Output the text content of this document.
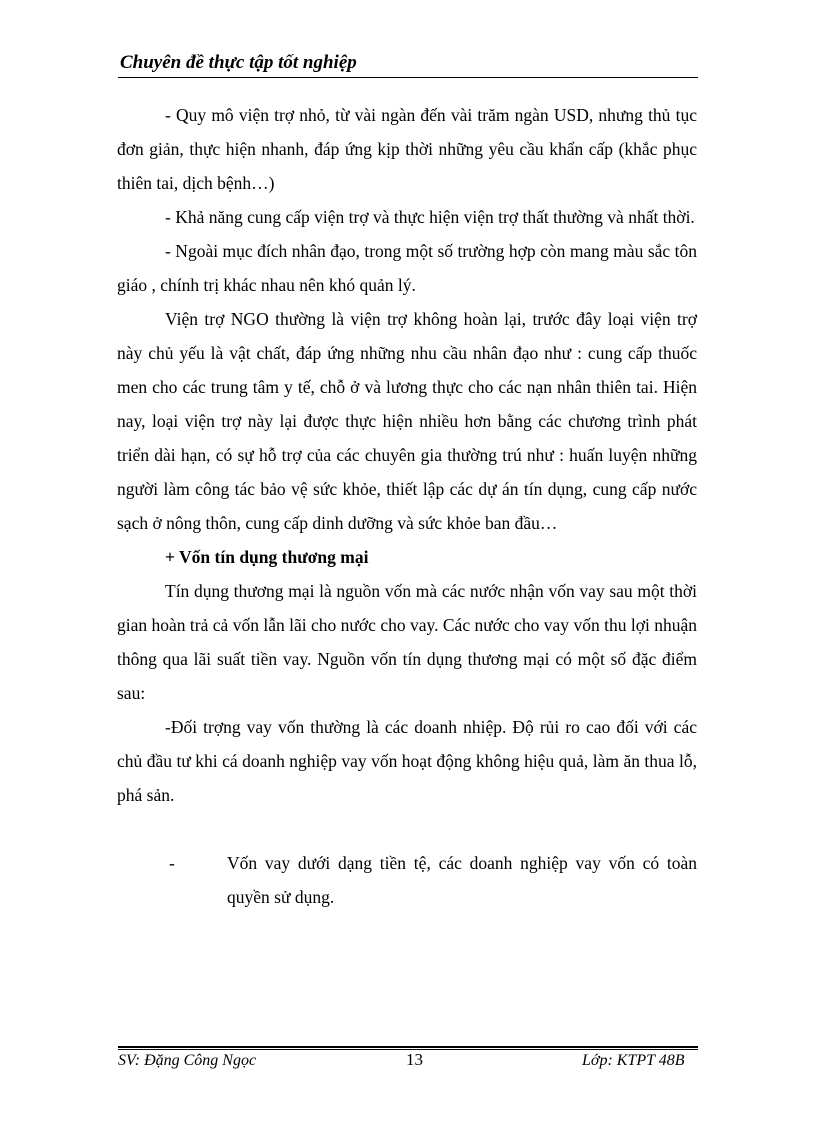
Chuyên đề thực tập tốt nghiệp

- Quy mô viện trợ nhỏ, từ vài ngàn đến vài trăm ngàn USD, nhưng thủ tục đơn giản, thực hiện nhanh, đáp ứng kịp thời những yêu cầu khẩn cấp (khắc phục thiên tai, dịch bệnh…)

- Khả năng cung cấp viện trợ và thực hiện viện trợ thất thường và nhất thời.

- Ngoài mục đích nhân đạo, trong một số trường hợp còn mang màu sắc tôn giáo , chính trị khác nhau nên khó quản lý.

Viện trợ NGO thường là viện trợ không hoàn lại, trước đây loại viện trợ này chủ yếu là vật chất, đáp ứng những nhu cầu nhân đạo như : cung cấp thuốc men cho các trung tâm y tế, chỗ ở và lương thực cho các nạn nhân thiên tai. Hiện nay, loại viện trợ này lại được thực hiện nhiều hơn bằng các chương trình phát triển dài hạn, có sự hỗ trợ của các chuyên gia thường trú như : huấn luyện những người làm công tác bảo vệ sức khỏe, thiết lập các dự án tín dụng, cung cấp nước sạch ở nông thôn, cung cấp dinh dưỡng và sức khỏe ban đầu…

+ Vốn tín dụng thương mại

Tín dụng thương mại là nguồn vốn mà các nước nhận vốn vay sau một thời gian hoàn trả cả vốn lẫn lãi cho nước cho vay. Các nước cho vay vốn thu lợi nhuận thông qua lãi suất tiền vay. Nguồn vốn tín dụng thương mại có một số đặc điểm sau:

-Đối trợng vay vốn thường là các doanh nhiệp. Độ rủi ro cao đối với các chủ đầu tư khi cá doanh nghiệp vay vốn hoạt động không hiệu quả, làm ăn thua lỗ, phá sản.

-	Vốn vay dưới dạng tiền tệ, các doanh nghiệp vay vốn có toàn quyền sử dụng.

SV: Đặng Công Ngọc	13	Lớp: KTPT 48B
